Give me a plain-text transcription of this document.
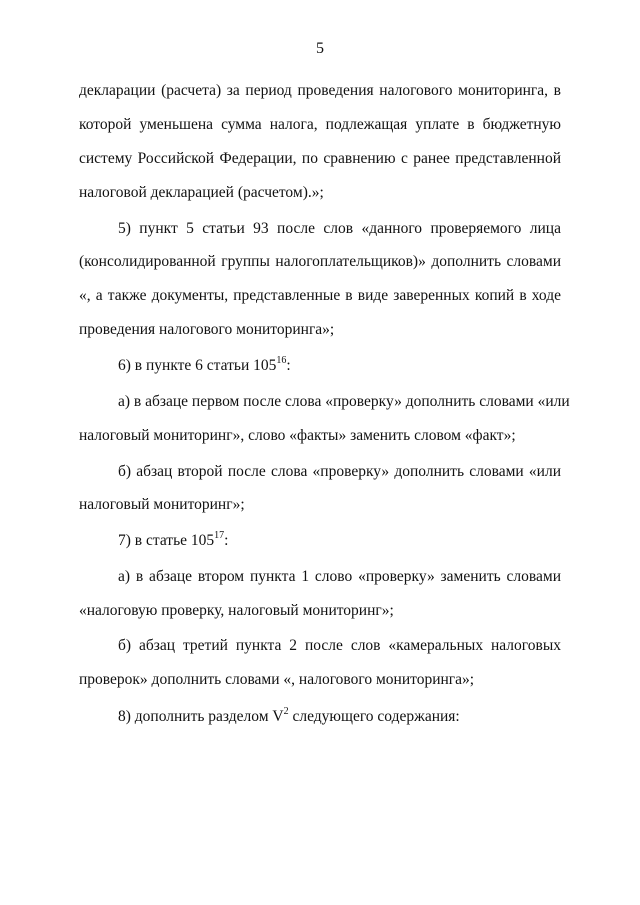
5
декларации (расчета) за период проведения налогового мониторинга, в
которой уменьшена сумма налога, подлежащая уплате в бюджетную
систему Российской Федерации, по сравнению с ранее представленной
налоговой декларацией (расчетом).»;
5) пункт 5 статьи 93 после слов «данного проверяемого лица
(консолидированной группы налогоплательщиков)» дополнить словами
«, а также документы, представленные в виде заверенных копий в ходе
проведения налогового мониторинга»;
6) в пункте 6 статьи $105^{16}$:
а) в абзаце первом после слова «проверку» дополнить словами «или
налоговый мониторинг», слово «факты» заменить словом «факт»;
б) абзац второй после слова «проверку» дополнить словами «или
налоговый мониторинг»;
7) в статье $105^{17}$:
а) в абзаце втором пункта 1 слово «проверку» заменить словами
«налоговую проверку, налоговый мониторинг»;
б) абзац третий пункта 2 после слов «камеральных налоговых
проверок» дополнить словами «, налогового мониторинга»;
8) дополнить разделом $V^2$ следующего содержания:
